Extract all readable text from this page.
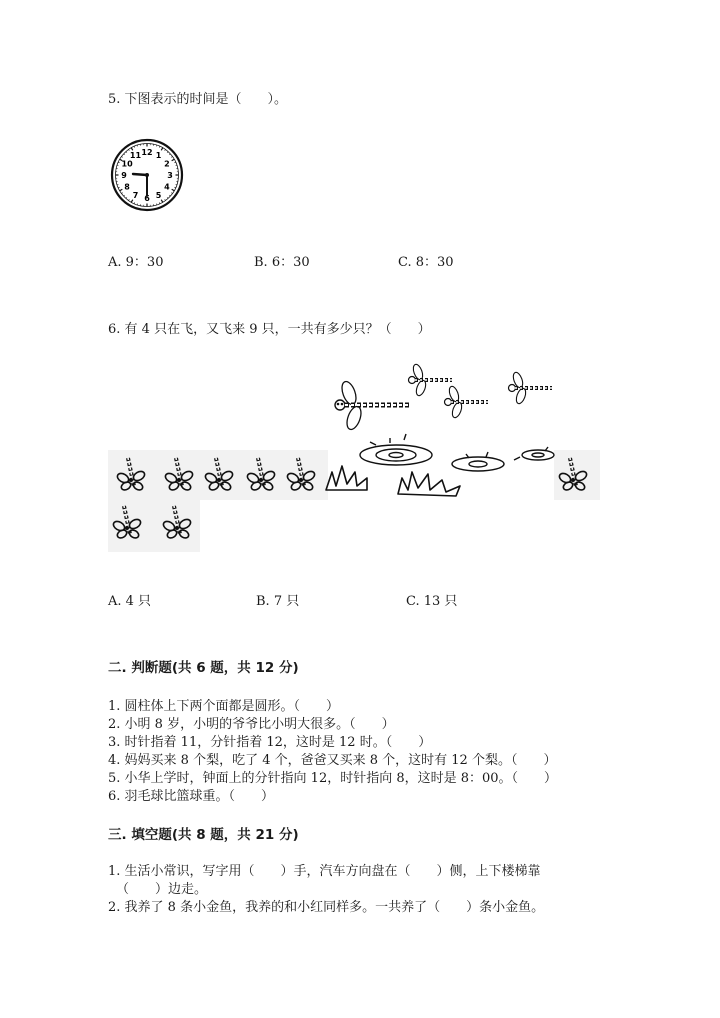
5. 下图表示的时间是（　　）。
12 1
2
3
4
5
6
7
8
9
10
11
A. 9：30	B. 6：30	C. 8：30
6. 有 4 只在飞，又飞来 9 只，一共有多少只？（　　）
A. 4 只	B. 7 只	C. 13 只
二. 判断题(共 6 题，共 12 分)
1. 圆柱体上下两个面都是圆形。（　　）
2. 小明 8 岁，小明的爷爷比小明大很多。（　　）
3. 时针指着 11，分针指着 12，这时是 12 时。（　　）
4. 妈妈买来 8 个梨，吃了 4 个，爸爸又买来 8 个，这时有 12 个梨。（　　）
5. 小华上学时，钟面上的分针指向 12，时针指向 8，这时是 8：00。（　　）
6. 羽毛球比篮球重。（　　）
三. 填空题(共 8 题，共 21 分)
1. 生活小常识，写字用（　　）手，汽车方向盘在（　　）侧，上下楼梯靠
（　　）边走。
2. 我养了 8 条小金鱼，我养的和小红同样多。一共养了（　　）条小金鱼。
